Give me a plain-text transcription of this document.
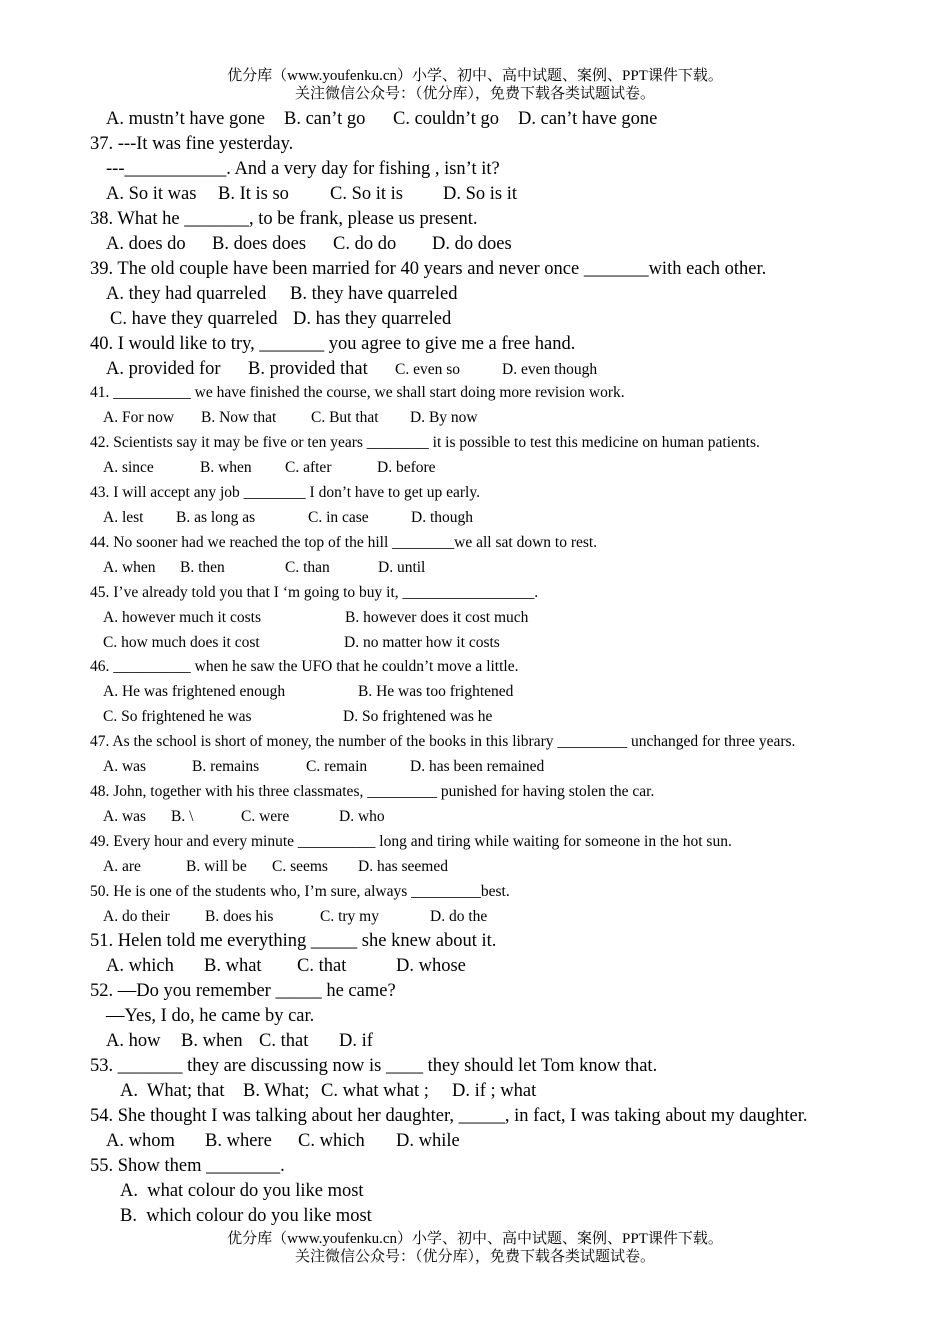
优分库（www.youfenku.cn）小学、初中、高中试题、案例、PPT课件下载。
关注微信公众号：（优分库），免费下载各类试题试卷。
A. mustn’t have gone B. can’t go C. couldn’t go D. can’t have gone
37. ---It was fine yesterday.
---___________. And a very day for fishing , isn’t it?
A. So it was B. It is so C. So it is D. So is it
38. What he _______, to be frank, please us present.
A. does do B. does does C. do do D. do does
39. The old couple have been married for 40 years and never once _______with each other.
A. they had quarreled B. they have quarreled
C. have they quarreled D. has they quarreled
40. I would like to try, _______ you agree to give me a free hand.
A. provided for B. provided that C. even so	D. even though
41. __________ we have finished the course, we shall start doing more revision work.
A. For now B. Now that C. But that D. By now
42. Scientists say it may be five or ten years ________ it is possible to test this medicine on human patients.
A. since	B. when C. after	D. before
43. I will accept any job ________ I don’t have to get up early.
A. lest B. as long as	C. in case	D. though
44. No sooner had we reached the top of the hill ________we all sat down to rest.
A. when B. then	C. than	D. until
45. I’ve already told you that I ‘m going to buy it, _________________.
A. however much it costs	B. however does it cost much
C. how much does it cost	D. no matter how it costs
46. __________ when he saw the UFO that he couldn’t move a little.
A. He was frightened enough	B. He was too frightened
C. So frightened he was	D. So frightened was he
47. As the school is short of money, the number of the books in this library _________ unchanged for three years.
A. was	B. remains	C. remain	D. has been remained
48. John, together with his three classmates, _________ punished for having stolen the car.
A. was B. \	C. were	D. who
49. Every hour and every minute __________ long and tiring while waiting for someone in the hot sun.
A. are	B. will be C. seems D. has seemed
50. He is one of the students who, I’m sure, always _________best.
A. do their B. does his	C. try my	D. do the
51. Helen told me everything _____ she knew about it.
A. which B. what C. that	D. whose
52. —Do you remember _____ he came?
—Yes, I do, he came by car.
A. how B. when C. that D. if
53. _______ they are discussing now is ____ they should let Tom know that.
A.  What; that B. What; C. what what ; D. if ; what
54. She thought I was talking about her daughter, _____, in fact, I was taking about my daughter.
A. whom B. where C. which D. while
55. Show them ________.
A.  what colour do you like most
B.  which colour do you like most
优分库（www.youfenku.cn）小学、初中、高中试题、案例、PPT课件下载。
关注微信公众号：（优分库），免费下载各类试题试卷。
